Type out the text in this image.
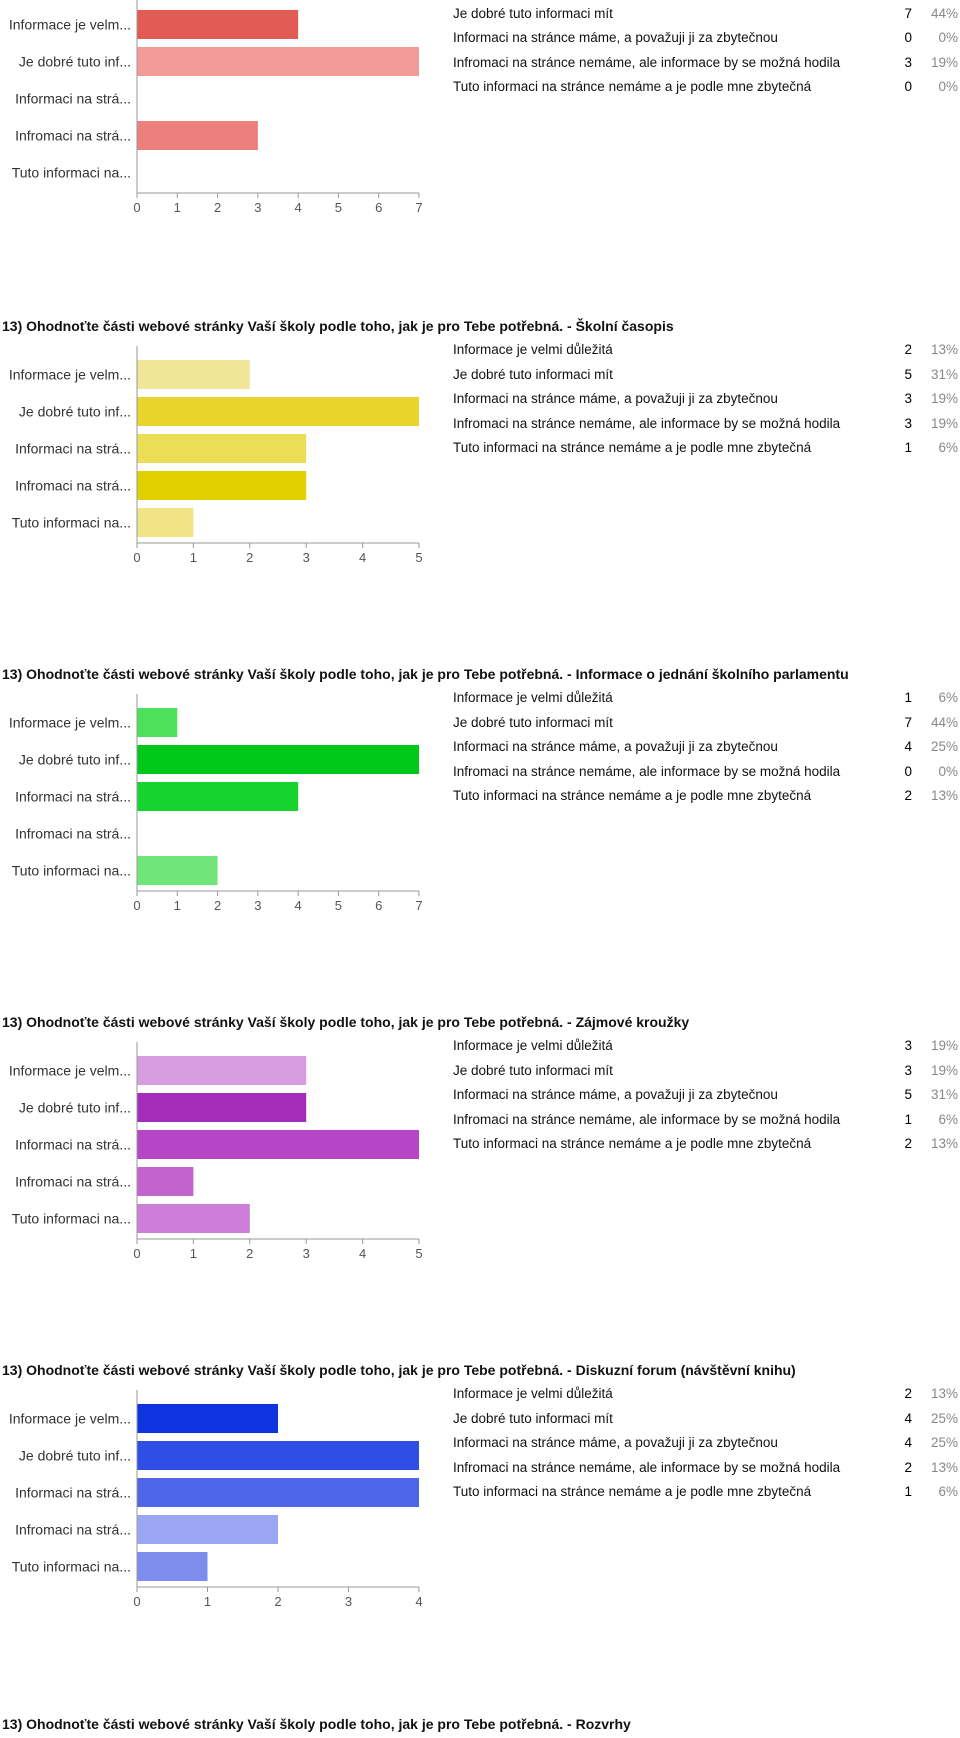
13) Ohodnoťte části webové stránky Vaší školy podle toho, jak je pro Tebe potřebná. - Rozvrhy
Informace je velm...
Je dobré tuto inf...
Informaci na strá...
Infromaci na strá...
Tuto informaci na...
0	1	2	3	4	5	6	7
Je dobré tuto informaci mít	7	44%
Informaci na stránce máme, a považuji ji za zbytečnou	0	0%
Infromaci na stránce nemáme, ale informace by se možná hodila	3	19%
Tuto informaci na stránce nemáme a je podle mne zbytečná	0	0%
13) Ohodnoťte části webové stránky Vaší školy podle toho, jak je pro Tebe potřebná. - Školní časopis
Informace je velm...
Je dobré tuto inf...
Informaci na strá...
Infromaci na strá...
Tuto informaci na...
0	1	2	3	4	5
Informace je velmi důležitá	2	13%
Je dobré tuto informaci mít	5	31%
Informaci na stránce máme, a považuji ji za zbytečnou	3	19%
Infromaci na stránce nemáme, ale informace by se možná hodila	3	19%
Tuto informaci na stránce nemáme a je podle mne zbytečná	1	6%
13) Ohodnoťte části webové stránky Vaší školy podle toho, jak je pro Tebe potřebná. - Informace o jednání školního parlamentu
Informace je velm...
Je dobré tuto inf...
Informaci na strá...
Infromaci na strá...
Tuto informaci na...
0	1	2	3	4	5	6	7
Informace je velmi důležitá	1	6%
Je dobré tuto informaci mít	7	44%
Informaci na stránce máme, a považuji ji za zbytečnou	4	25%
Infromaci na stránce nemáme, ale informace by se možná hodila	0	0%
Tuto informaci na stránce nemáme a je podle mne zbytečná	2	13%
13) Ohodnoťte části webové stránky Vaší školy podle toho, jak je pro Tebe potřebná. - Zájmové kroužky
Informace je velm...
Je dobré tuto inf...
Informaci na strá...
Infromaci na strá...
Tuto informaci na...
0	1	2	3	4	5
Informace je velmi důležitá	3	19%
Je dobré tuto informaci mít	3	19%
Informaci na stránce máme, a považuji ji za zbytečnou	5	31%
Infromaci na stránce nemáme, ale informace by se možná hodila	1	6%
Tuto informaci na stránce nemáme a je podle mne zbytečná	2	13%
13) Ohodnoťte části webové stránky Vaší školy podle toho, jak je pro Tebe potřebná. - Diskuzní forum (návštěvní knihu)
Informace je velm...
Je dobré tuto inf...
Informaci na strá...
Infromaci na strá...
Tuto informaci na...
0	1	2	3	4
Informace je velmi důležitá	2	13%
Je dobré tuto informaci mít	4	25%
Informaci na stránce máme, a považuji ji za zbytečnou	4	25%
Infromaci na stránce nemáme, ale informace by se možná hodila	2	13%
Tuto informaci na stránce nemáme a je podle mne zbytečná	1	6%
